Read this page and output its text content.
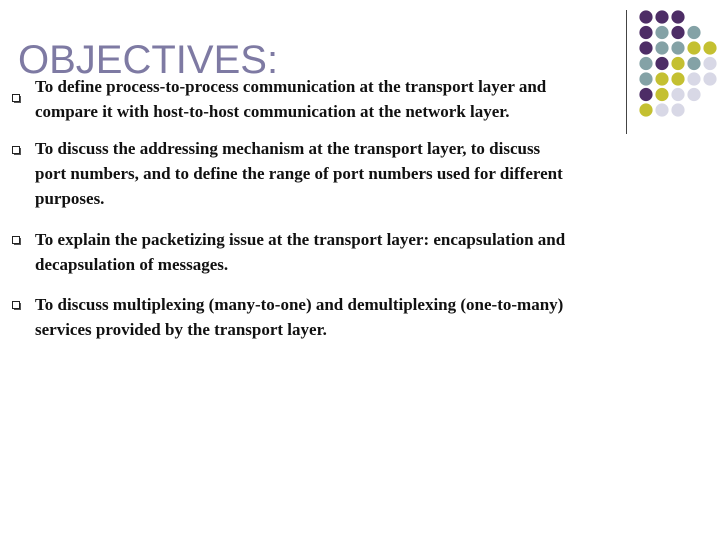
OBJECTIVES:

To define process-to-process communication at the transport layer and
compare it with host-to-host communication at the network layer.

To discuss the addressing mechanism at the transport layer, to discuss
port numbers, and to define the range of port numbers used for different
purposes.

To explain the packetizing issue at the transport layer: encapsulation and
decapsulation of messages.

To discuss multiplexing (many-to-one) and demultiplexing (one-to-many)
services provided by the transport layer.
